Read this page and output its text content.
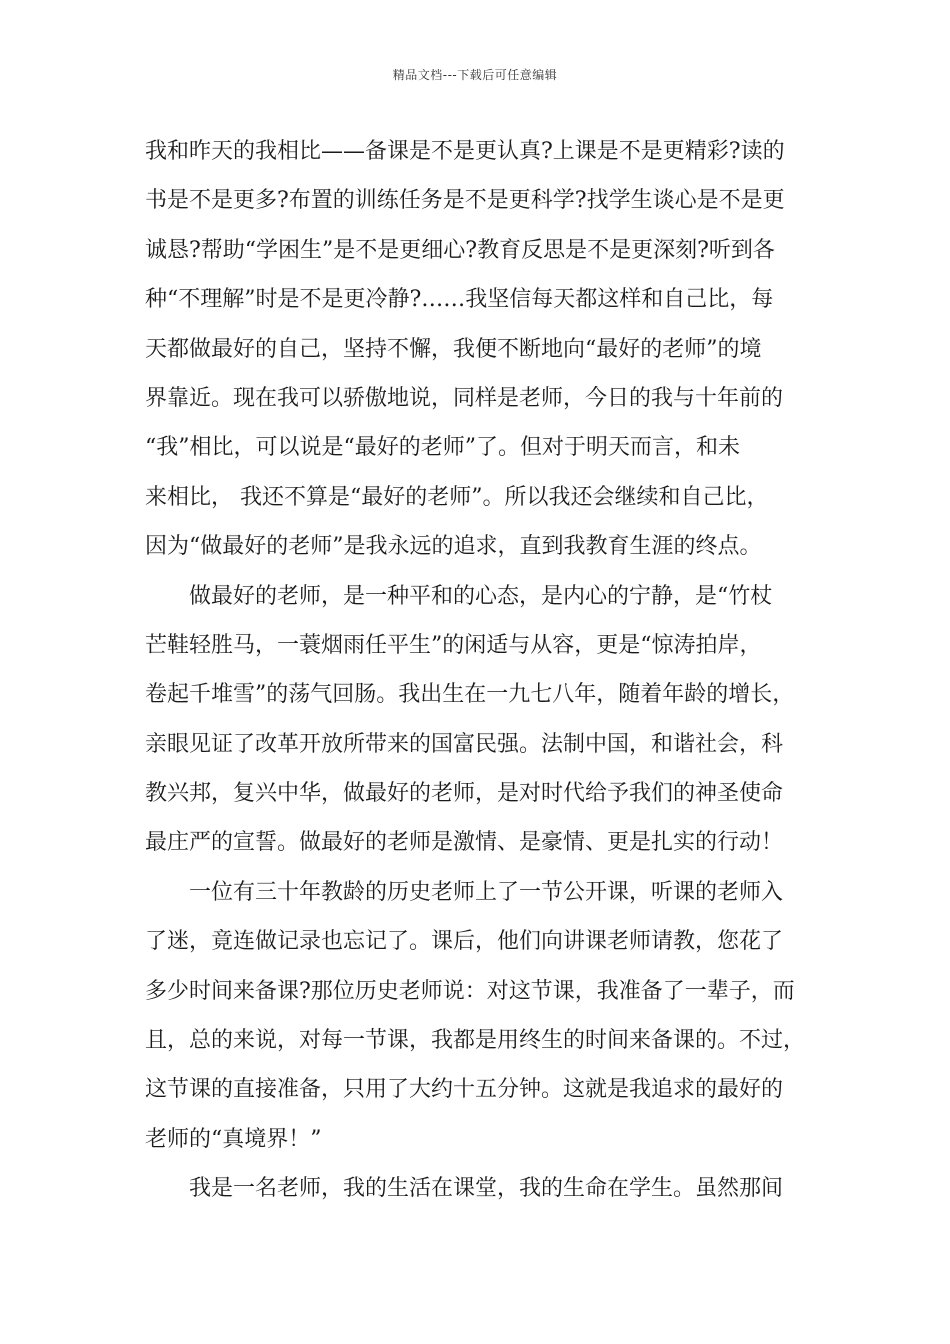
精品文档---下载后可任意编辑
我和昨天的我相比——备课是不是更认真?上课是不是更精彩?读的
书是不是更多?布置的训练任务是不是更科学?找学生谈心是不是更
诚恳?帮助“学困生”是不是更细心?教育反思是不是更深刻?听到各
种“不理解”时是不是更冷静?……我坚信每天都这样和自己比，每
天都做最好的自己，坚持不懈，我便不断地向“最好的老师”的境
界靠近。现在我可以骄傲地说，同样是老师，今日的我与十年前的
“我”相比，可以说是“最好的老师”了。但对于明天而言，和未
来相比， 我还不算是“最好的老师”。所以我还会继续和自己比，
因为“做最好的老师”是我永远的追求，直到我教育生涯的终点。
　　做最好的老师，是一种平和的心态，是内心的宁静，是“竹杖
芒鞋轻胜马，一蓑烟雨任平生”的闲适与从容，更是“惊涛拍岸，
卷起千堆雪”的荡气回肠。我出生在一九七八年，随着年龄的增长，
亲眼见证了改革开放所带来的国富民强。法制中国，和谐社会，科
教兴邦，复兴中华，做最好的老师，是对时代给予我们的神圣使命
最庄严的宣誓。做最好的老师是激情、是豪情、更是扎实的行动！
　　一位有三十年教龄的历史老师上了一节公开课，听课的老师入
了迷，竟连做记录也忘记了。课后，他们向讲课老师请教，您花了
多少时间来备课?那位历史老师说：对这节课，我准备了一辈子，而
且，总的来说，对每一节课，我都是用终生的时间来备课的。不过，
这节课的直接准备，只用了大约十五分钟。这就是我追求的最好的
老师的“真境界！”
　　我是一名老师，我的生活在课堂，我的生命在学生。虽然那间
